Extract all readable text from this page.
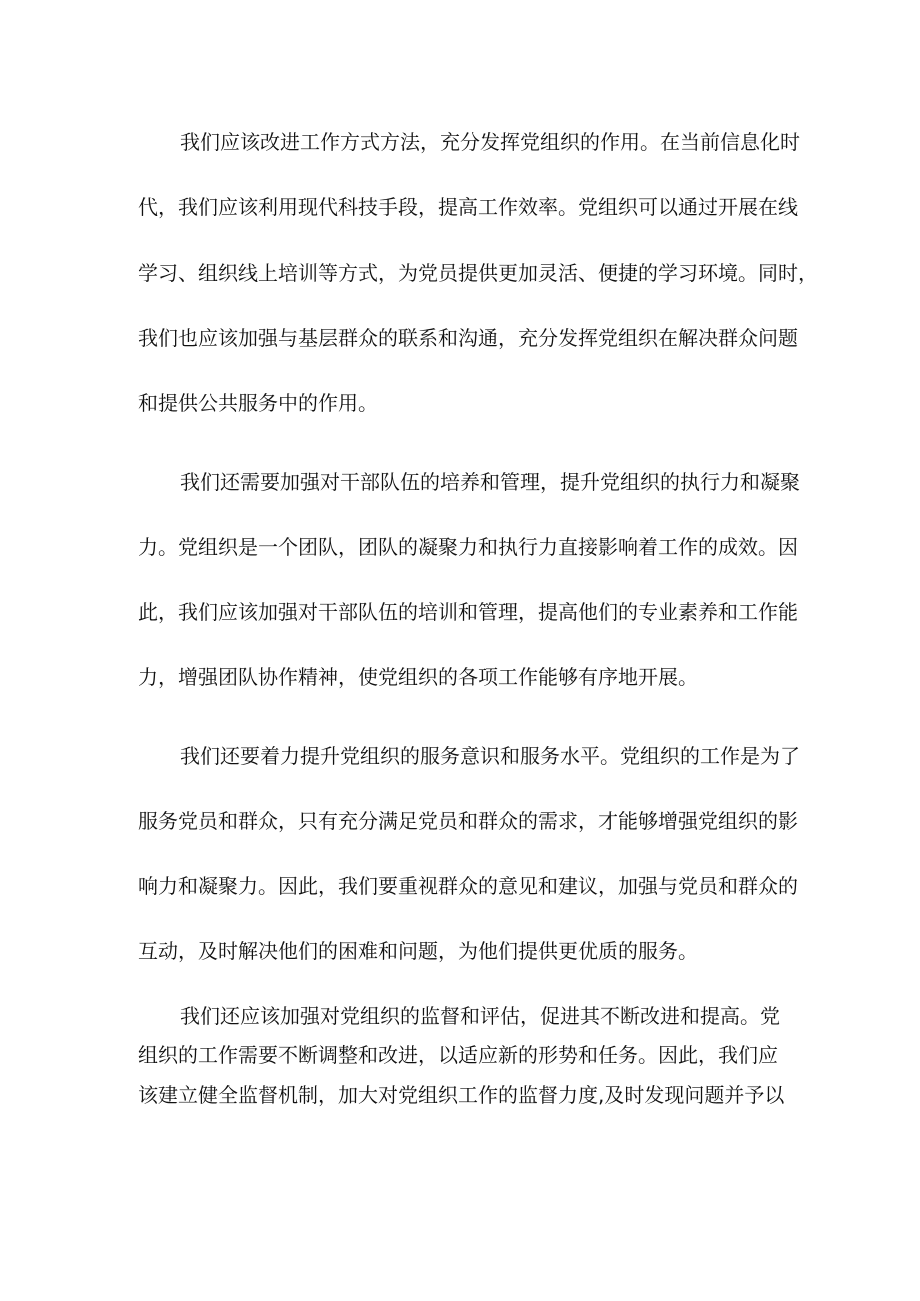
我们应该改进工作方式方法，充分发挥党组织的作用。在当前信息化时

代，我们应该利用现代科技手段，提高工作效率。党组织可以通过开展在线

学习、组织线上培训等方式，为党员提供更加灵活、便捷的学习环境。同时，

我们也应该加强与基层群众的联系和沟通，充分发挥党组织在解决群众问题

和提供公共服务中的作用。

我们还需要加强对干部队伍的培养和管理，提升党组织的执行力和凝聚

力。党组织是一个团队，团队的凝聚力和执行力直接影响着工作的成效。因

此，我们应该加强对干部队伍的培训和管理，提高他们的专业素养和工作能

力，增强团队协作精神，使党组织的各项工作能够有序地开展。

我们还要着力提升党组织的服务意识和服务水平。党组织的工作是为了

服务党员和群众，只有充分满足党员和群众的需求，才能够增强党组织的影

响力和凝聚力。因此，我们要重视群众的意见和建议，加强与党员和群众的

互动，及时解决他们的困难和问题，为他们提供更优质的服务。

我们还应该加强对党组织的监督和评估，促进其不断改进和提高。党

组织的工作需要不断调整和改进，以适应新的形势和任务。因此，我们应

该建立健全监督机制，加大对党组织工作的监督力度,及时发现问题并予以
